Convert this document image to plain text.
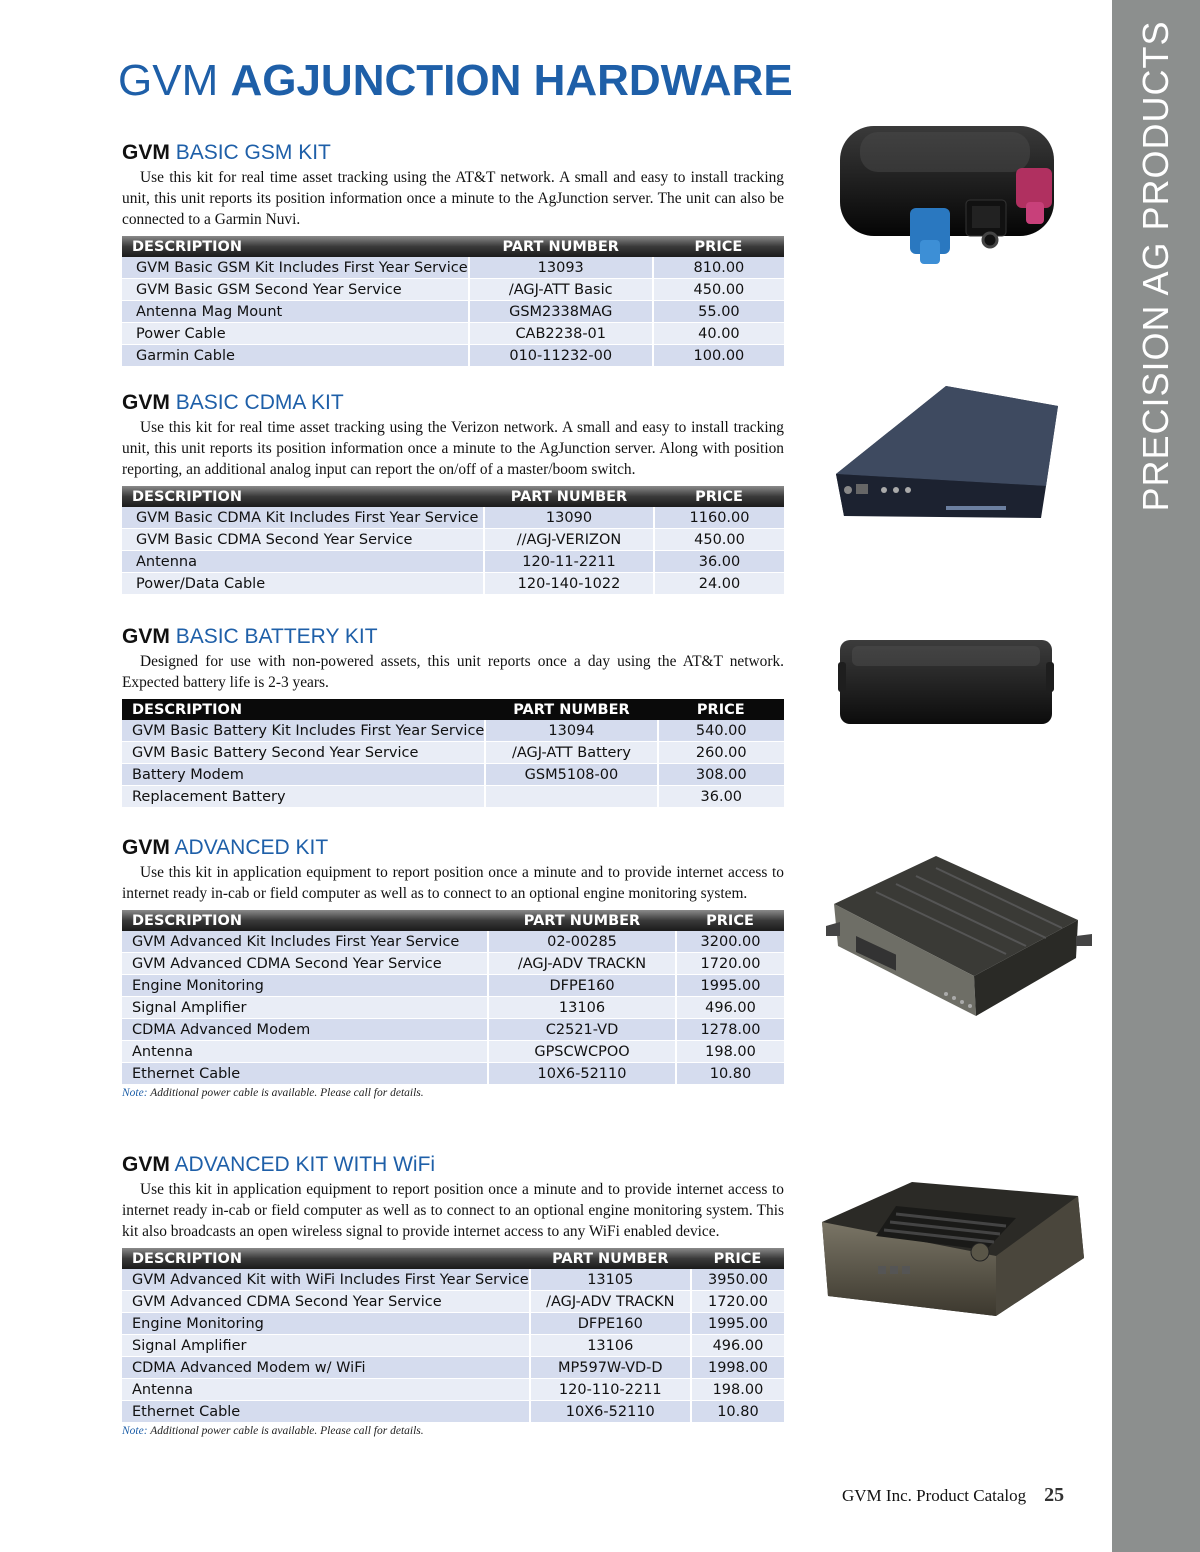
PRECISION AG PRODUCTS
GVM AGJUNCTION HARDWARE
GVM BASIC GSM KIT

Use this kit for real time asset tracking using the AT&T network. A small and easy to install tracking unit, this unit reports its position information once a minute to the AgJunction server. The unit can also be connected to a Garmin Nuvi.

DESCRIPTION	PART NUMBER	PRICE
GVM Basic GSM Kit Includes First Year Service	13093	810.00
GVM Basic GSM Second Year Service	/AGJ-ATT Basic	450.00
Antenna Mag Mount	GSM2338MAG	55.00
Power Cable	CAB2238-01	40.00
Garmin Cable	010-11232-00	100.00
GVM BASIC CDMA KIT

Use this kit for real time asset tracking using the Verizon network. A small and easy to install tracking unit, this unit reports its position information once a minute to the AgJunction server. Along with position reporting, an additional analog input can report the on/off of a master/boom switch.

DESCRIPTION	PART NUMBER	PRICE
GVM Basic CDMA Kit Includes First Year Service	13090	1160.00
GVM Basic CDMA Second Year Service	//AGJ-VERIZON	450.00
Antenna	120-11-2211	36.00
Power/Data Cable	120-140-1022	24.00
GVM BASIC BATTERY KIT

Designed for use with non-powered assets, this unit reports once a day using the AT&T network. Expected battery life is 2-3 years.

DESCRIPTION	PART NUMBER	PRICE
GVM Basic Battery Kit Includes First Year Service	13094	540.00
GVM Basic Battery Second Year Service	/AGJ-ATT Battery	260.00
Battery Modem	GSM5108-00	308.00
Replacement Battery		36.00
GVM ADVANCED KIT

Use this kit in application equipment to report position once a minute and to provide internet access to internet ready in-cab or field computer as well as to connect to an optional engine monitoring system.

DESCRIPTION	PART NUMBER	PRICE
GVM Advanced Kit Includes First Year Service	02-00285	3200.00
GVM Advanced CDMA Second Year Service	/AGJ-ADV TRACKN	1720.00
Engine Monitoring	DFPE160	1995.00
Signal Amplifier	13106	496.00
CDMA Advanced Modem	C2521-VD	1278.00
Antenna	GPSCWCPOO	198.00
Ethernet Cable	10X6-52110	10.80
Note: Additional power cable is available. Please call for details.
GVM ADVANCED KIT WITH WiFi

Use this kit in application equipment to report position once a minute and to provide internet access to internet ready in-cab or field computer as well as to connect to an optional engine monitoring system. This kit also broadcasts an open wireless signal to provide internet access to any WiFi enabled device.

DESCRIPTION	PART NUMBER	PRICE
GVM Advanced Kit with WiFi Includes First Year Service	13105	3950.00
GVM Advanced CDMA Second Year Service	/AGJ-ADV TRACKN	1720.00
Engine Monitoring	DFPE160	1995.00
Signal Amplifier	13106	496.00
CDMA Advanced Modem w/ WiFi	MP597W-VD-D	1998.00
Antenna	120-110-2211	198.00
Ethernet Cable	10X6-52110	10.80
Note: Additional power cable is available. Please call for details.
GVM Inc. Product Catalog 25
